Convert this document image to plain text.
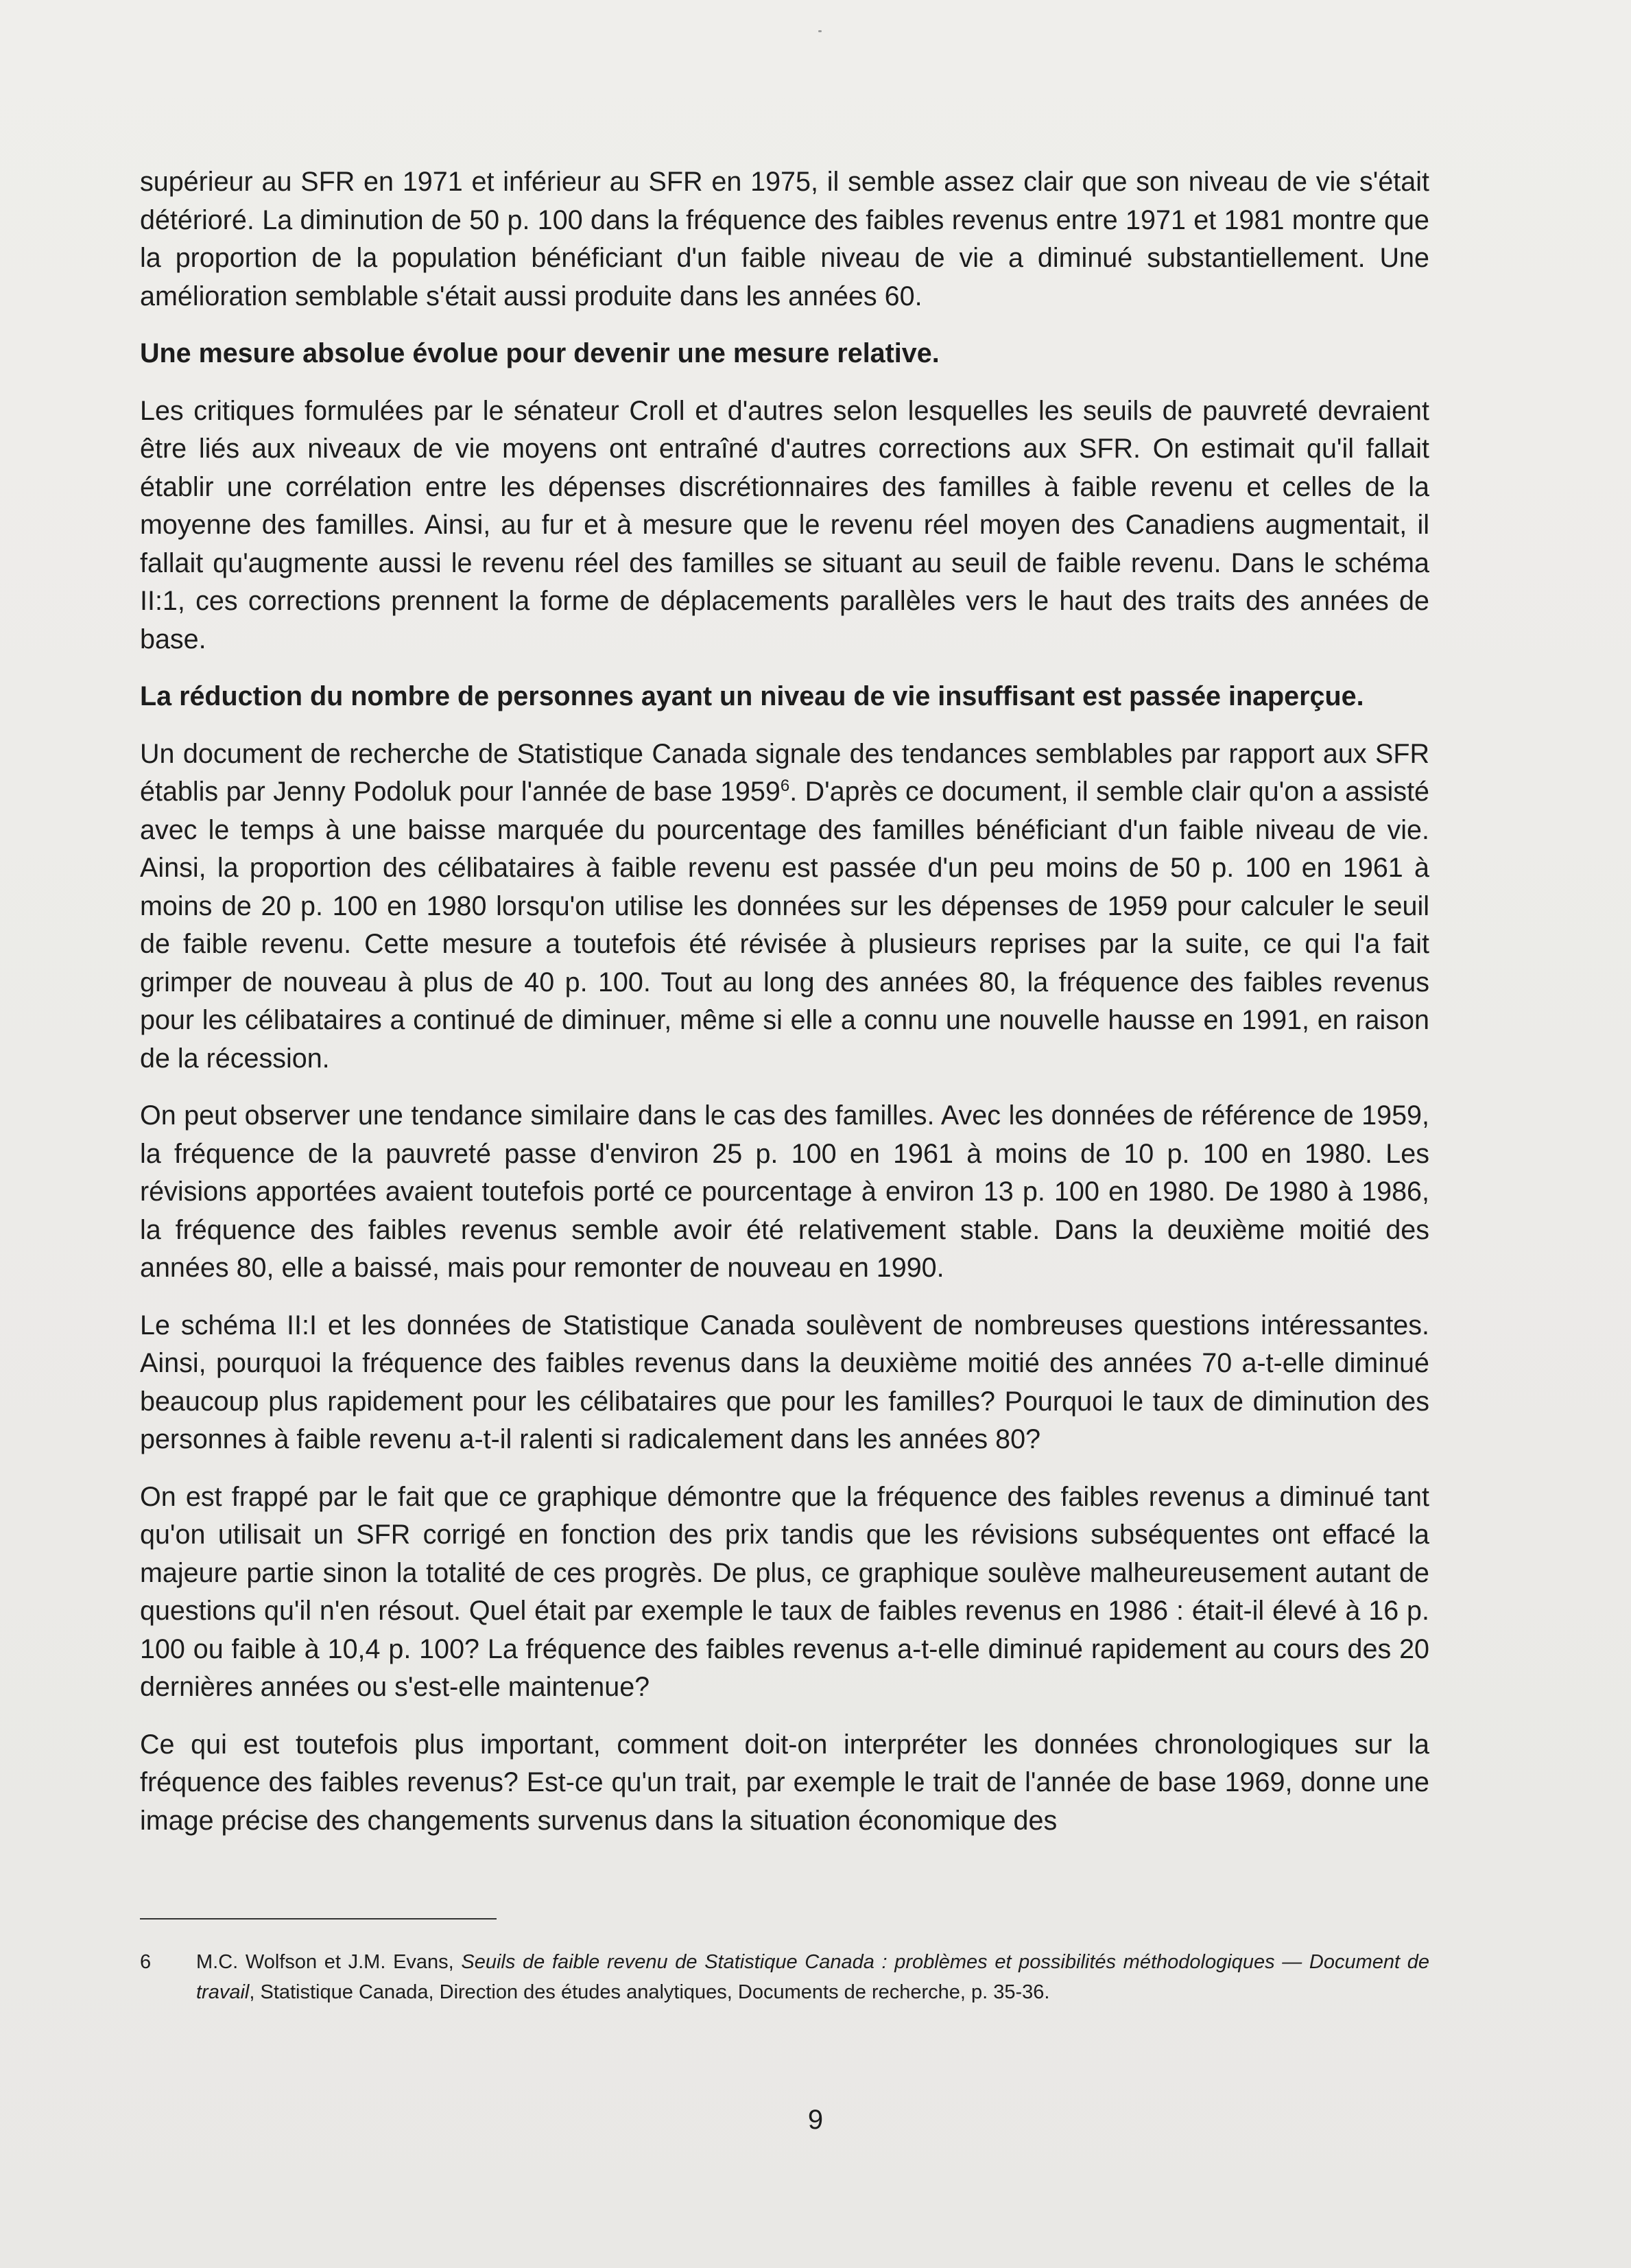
supérieur au SFR en 1971 et inférieur au SFR en 1975, il semble assez clair que son niveau de vie s'était détérioré. La diminution de 50 p. 100 dans la fréquence des faibles revenus entre 1971 et 1981 montre que la proportion de la population bénéficiant d'un faible niveau de vie a diminué substantiellement. Une amélioration semblable s'était aussi produite dans les années 60.

Une mesure absolue évolue pour devenir une mesure relative.

Les critiques formulées par le sénateur Croll et d'autres selon lesquelles les seuils de pauvreté devraient être liés aux niveaux de vie moyens ont entraîné d'autres corrections aux SFR. On estimait qu'il fallait établir une corrélation entre les dépenses discrétionnaires des familles à faible revenu et celles de la moyenne des familles. Ainsi, au fur et à mesure que le revenu réel moyen des Canadiens augmentait, il fallait qu'augmente aussi le revenu réel des familles se situant au seuil de faible revenu. Dans le schéma II:1, ces corrections prennent la forme de déplacements parallèles vers le haut des traits des années de base.

La réduction du nombre de personnes ayant un niveau de vie insuffisant est passée inaperçue.

Un document de recherche de Statistique Canada signale des tendances semblables par rapport aux SFR établis par Jenny Podoluk pour l'année de base 1959$^6$. D'après ce document, il semble clair qu'on a assisté avec le temps à une baisse marquée du pourcentage des familles bénéficiant d'un faible niveau de vie. Ainsi, la proportion des célibataires à faible revenu est passée d'un peu moins de 50 p. 100 en 1961 à moins de 20 p. 100 en 1980 lorsqu'on utilise les données sur les dépenses de 1959 pour calculer le seuil de faible revenu. Cette mesure a toutefois été révisée à plusieurs reprises par la suite, ce qui l'a fait grimper de nouveau à plus de 40 p. 100. Tout au long des années 80, la fréquence des faibles revenus pour les célibataires a continué de diminuer, même si elle a connu une nouvelle hausse en 1991, en raison de la récession.

On peut observer une tendance similaire dans le cas des familles. Avec les données de référence de 1959, la fréquence de la pauvreté passe d'environ 25 p. 100 en 1961 à moins de 10 p. 100 en 1980. Les révisions apportées avaient toutefois porté ce pourcentage à environ 13 p. 100 en 1980. De 1980 à 1986, la fréquence des faibles revenus semble avoir été relativement stable. Dans la deuxième moitié des années 80, elle a baissé, mais pour remonter de nouveau en 1990.

Le schéma II:I et les données de Statistique Canada soulèvent de nombreuses questions intéressantes. Ainsi, pourquoi la fréquence des faibles revenus dans la deuxième moitié des années 70 a-t-elle diminué beaucoup plus rapidement pour les célibataires que pour les familles? Pourquoi le taux de diminution des personnes à faible revenu a-t-il ralenti si radicalement dans les années 80?

On est frappé par le fait que ce graphique démontre que la fréquence des faibles revenus a diminué tant qu'on utilisait un SFR corrigé en fonction des prix tandis que les révisions subséquentes ont effacé la majeure partie sinon la totalité de ces progrès. De plus, ce graphique soulève malheureusement autant de questions qu'il n'en résout. Quel était par exemple le taux de faibles revenus en 1986 : était-il élevé à 16 p. 100 ou faible à 10,4 p. 100? La fréquence des faibles revenus a-t-elle diminué rapidement au cours des 20 dernières années ou s'est-elle maintenue?

Ce qui est toutefois plus important, comment doit-on interpréter les données chronologiques sur la fréquence des faibles revenus? Est-ce qu'un trait, par exemple le trait de l'année de base 1969, donne une image précise des changements survenus dans la situation économique des

6 M.C. Wolfson et J.M. Evans, Seuils de faible revenu de Statistique Canada : problèmes et possibilités méthodologiques — Document de travail, Statistique Canada, Direction des études analytiques, Documents de recherche, p. 35-36.
9
